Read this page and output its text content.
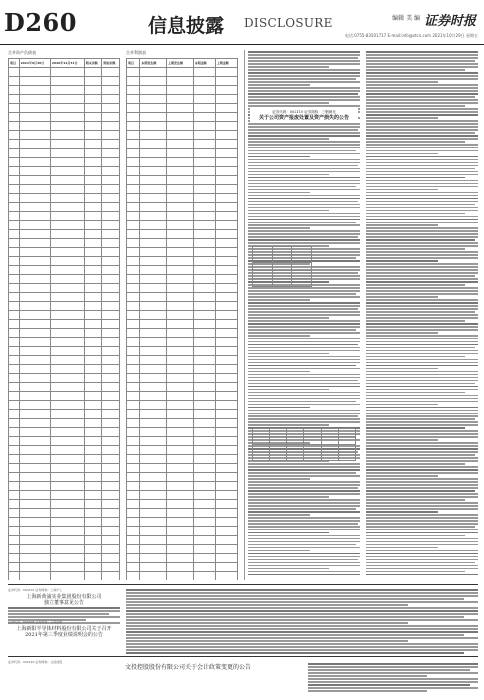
D260	信息披露 DISCLOSURE	编辑 美 编 证券时报
电话:0755-83501717 E-mail:info@stcn.com 2021年10月29日 星期五
合并资产负债表
项目	2021年9月30日	2020年12月31日	期末余额	期初余额

合并利润表
项目	本期发生额	上期发生额	本期金额	上期金额

证券代码：002110 证券简称：三钢闽光
关于公司资产报废处置及资产损失的公告

证券代码：603131 证券简称：上海沪工
上海新黄浦实业集团股份有限公司
独立董事意见公告
证券代码：600508 证券简称：上海能源
上海新阳半导体材料股份有限公司关于召开
2021年第三季度业绩说明会的公告
证券代码：002110 证券简称：文投控股
文投控股股份有限公司关于会计政策变更的公告
